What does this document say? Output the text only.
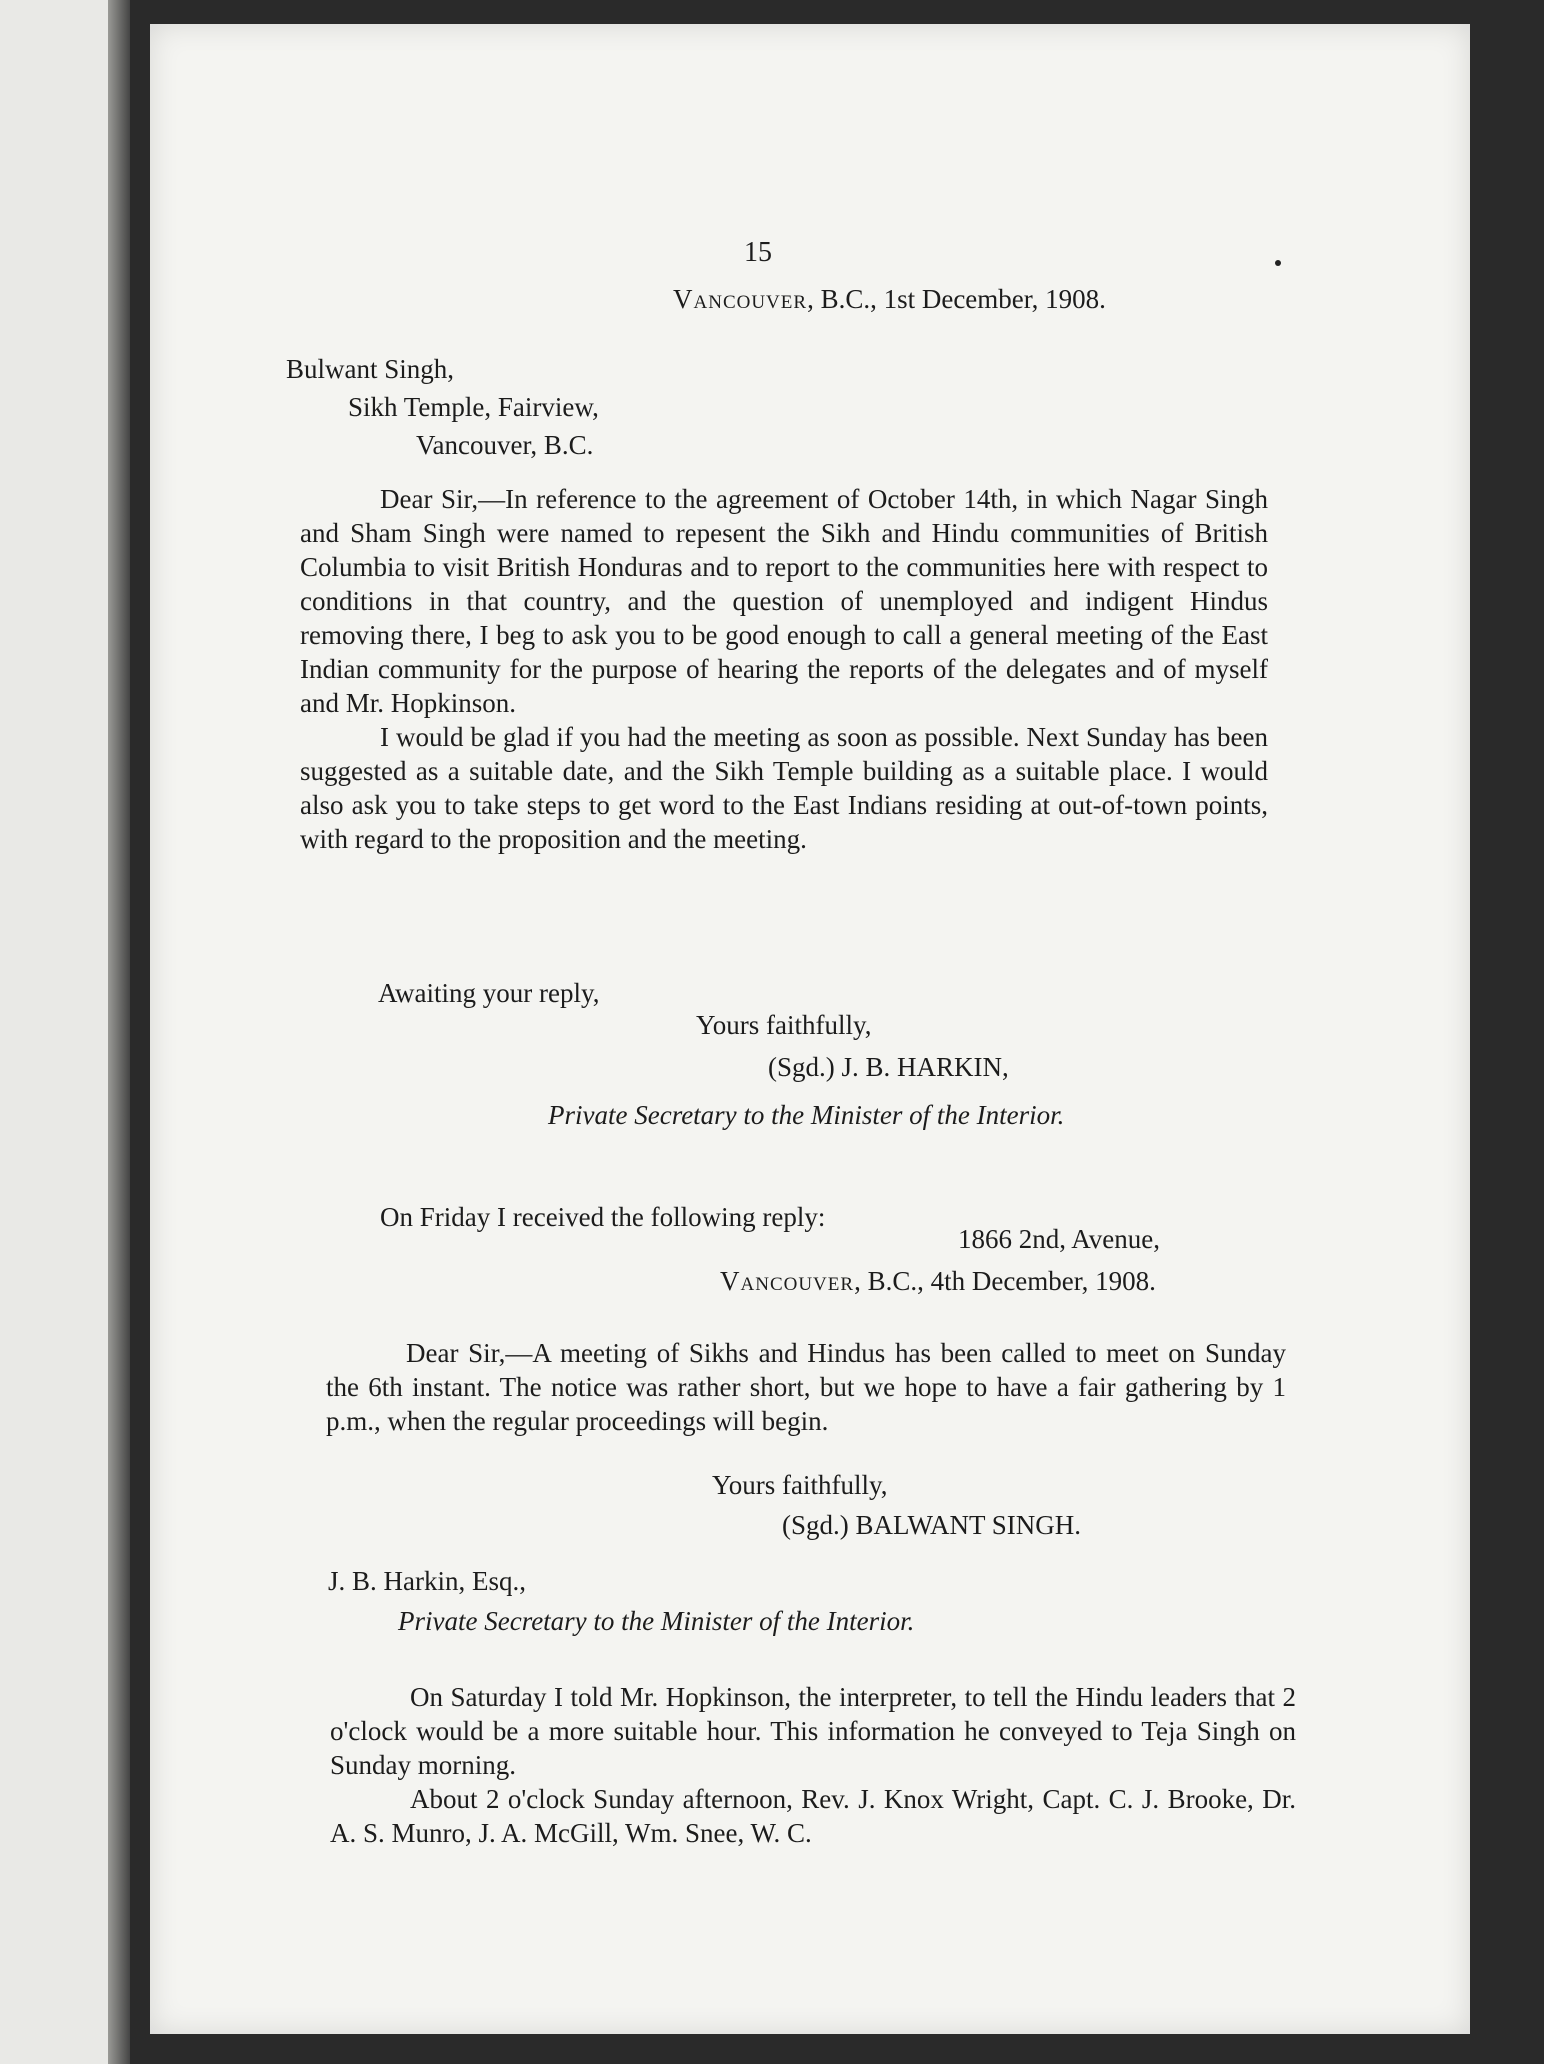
15
Vancouver, B.C., 1st December, 1908.
Bulwant Singh,
Sikh Temple, Fairview,
Vancouver, B.C.

Dear Sir,—In reference to the agreement of October 14th, in which Nagar Singh and Sham Singh were named to repesent the Sikh and Hindu communities of British Columbia to visit British Honduras and to report to the communities here with respect to conditions in that country, and the question of unemployed and indigent Hindus removing there, I beg to ask you to be good enough to call a general meeting of the East Indian community for the purpose of hearing the reports of the delegates and of myself and Mr. Hopkinson.

I would be glad if you had the meeting as soon as possible. Next Sunday has been suggested as a suitable date, and the Sikh Temple building as a suitable place. I would also ask you to take steps to get word to the East Indians residing at out-of-town points, with regard to the proposition and the meeting.

Awaiting your reply,
Yours faithfully,
(Sgd.) J. B. HARKIN,
Private Secretary to the Minister of the Interior.
On Friday I received the following reply:
1866 2nd, Avenue,
Vancouver, B.C., 4th December, 1908.

Dear Sir,—A meeting of Sikhs and Hindus has been called to meet on Sunday the 6th instant. The notice was rather short, but we hope to have a fair gathering by 1 p.m., when the regular proceedings will begin.

Yours faithfully,
(Sgd.) BALWANT SINGH.
J. B. Harkin, Esq.,
Private Secretary to the Minister of the Interior.

On Saturday I told Mr. Hopkinson, the interpreter, to tell the Hindu leaders that 2 o'clock would be a more suitable hour. This information he conveyed to Teja Singh on Sunday morning.

About 2 o'clock Sunday afternoon, Rev. J. Knox Wright, Capt. C. J. Brooke, Dr. A. S. Munro, J. A. McGill, Wm. Snee, W. C.
